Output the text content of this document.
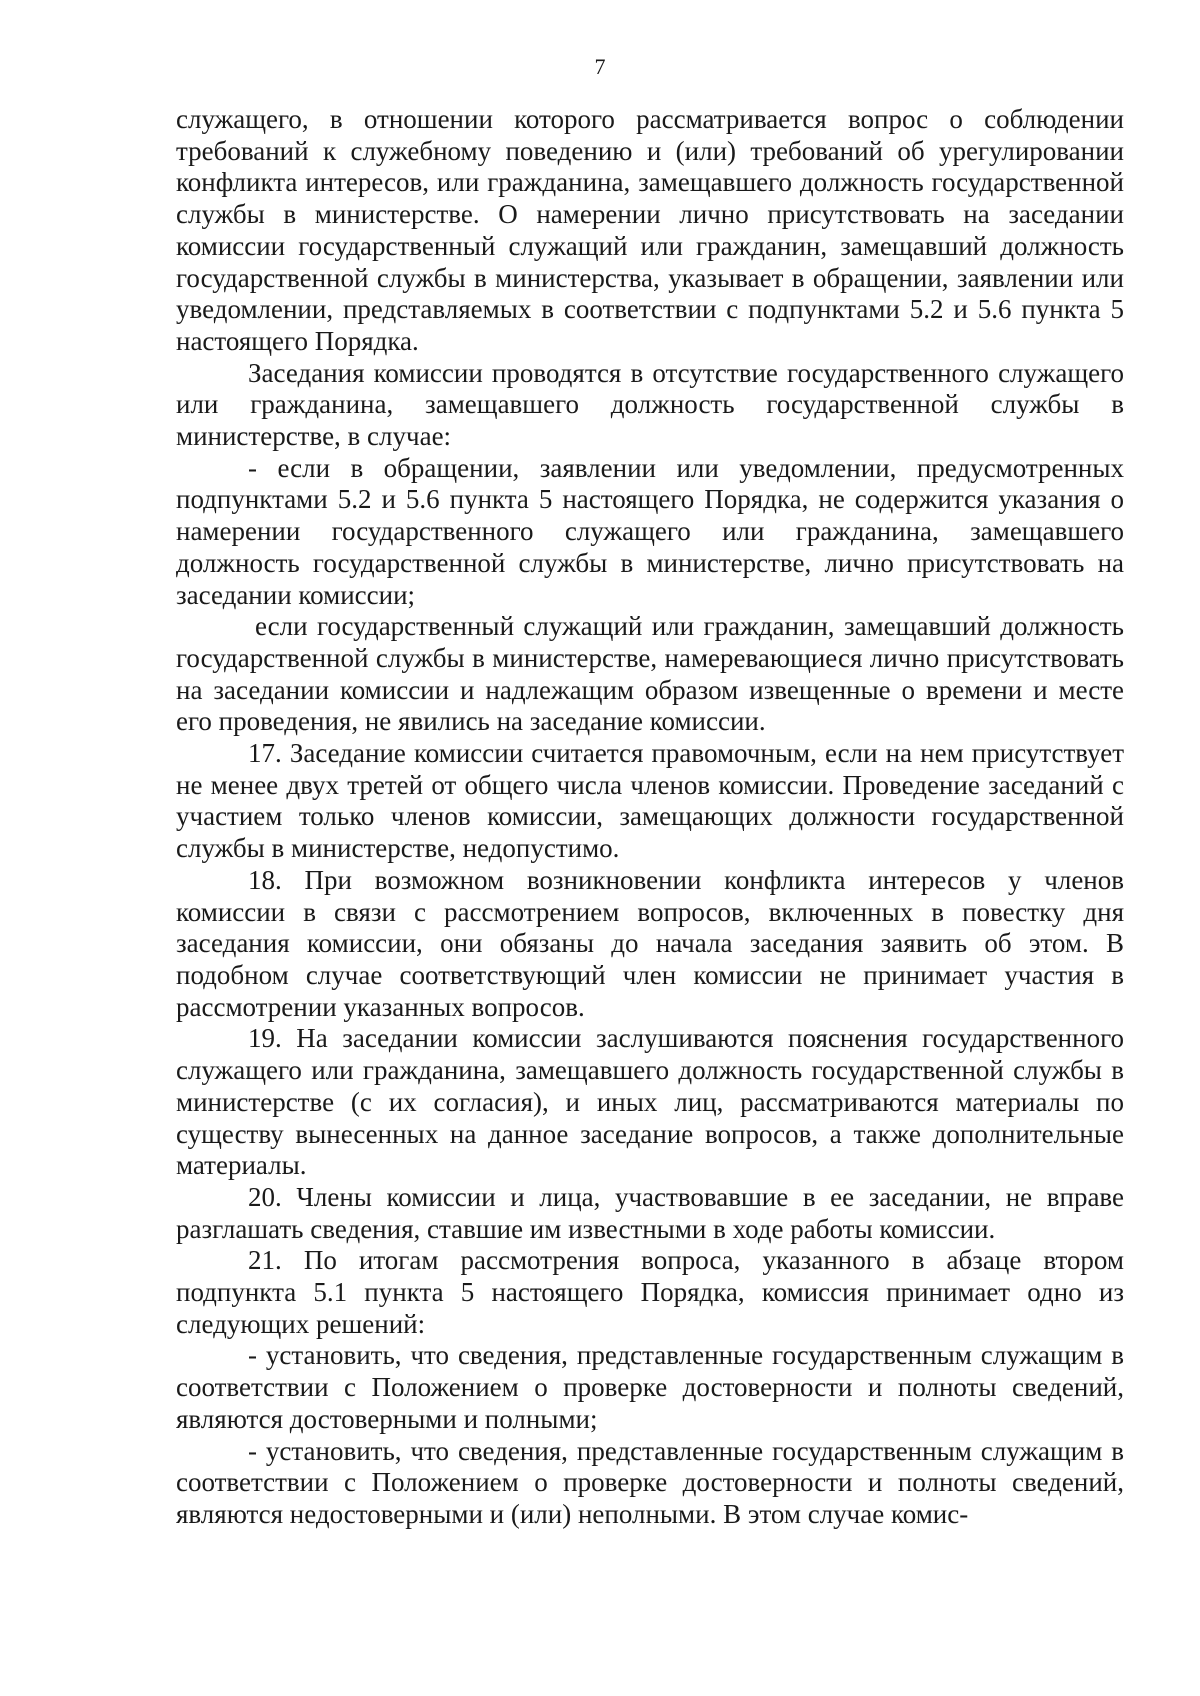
7

служащего, в отношении которого рассматривается вопрос о соблюдении требований к служебному поведению и (или) требований об урегулировании конфликта интересов, или гражданина, замещавшего должность государственной службы в министерстве. О намерении лично присутствовать на заседании комиссии государственный служащий или гражданин, замещавший должность государственной службы в министерства, указывает в обращении, заявлении или уведомлении, представляемых в соответствии с подпунктами 5.2 и 5.6 пункта 5 настоящего Порядка.

Заседания комиссии проводятся в отсутствие государственного служащего или гражданина, замещавшего должность государственной службы в министерстве, в случае:

- если в обращении, заявлении или уведомлении, предусмотренных подпунктами 5.2 и 5.6 пункта 5 настоящего Порядка, не содержится указания о намерении государственного служащего или гражданина, замещавшего должность государственной службы в министерстве, лично присутствовать на заседании комиссии;

если государственный служащий или гражданин, замещавший должность государственной службы в министерстве, намеревающиеся лично присутствовать на заседании комиссии и надлежащим образом извещенные о времени и месте его проведения, не явились на заседание комиссии.

17. Заседание комиссии считается правомочным, если на нем присутствует не менее двух третей от общего числа членов комиссии. Проведение заседаний с участием только членов комиссии, замещающих должности государственной службы в министерстве, недопустимо.

18. При возможном возникновении конфликта интересов у членов комиссии в связи с рассмотрением вопросов, включенных в повестку дня заседания комиссии, они обязаны до начала заседания заявить об этом. В подобном случае соответствующий член комиссии не принимает участия в рассмотрении указанных вопросов.

19. На заседании комиссии заслушиваются пояснения государственного служащего или гражданина, замещавшего должность государственной службы в министерстве (с их согласия), и иных лиц, рассматриваются материалы по существу вынесенных на данное заседание вопросов, а также дополнительные материалы.

20. Члены комиссии и лица, участвовавшие в ее заседании, не вправе разглашать сведения, ставшие им известными в ходе работы комиссии.

21. По итогам рассмотрения вопроса, указанного в абзаце втором подпункта 5.1 пункта 5 настоящего Порядка, комиссия принимает одно из следующих решений:

- установить, что сведения, представленные государственным служащим в соответствии с Положением о проверке достоверности и полноты сведений, являются достоверными и полными;

- установить, что сведения, представленные государственным служащим в соответствии с Положением о проверке достоверности и полноты сведений, являются недостоверными и (или) неполными. В этом случае комис-
